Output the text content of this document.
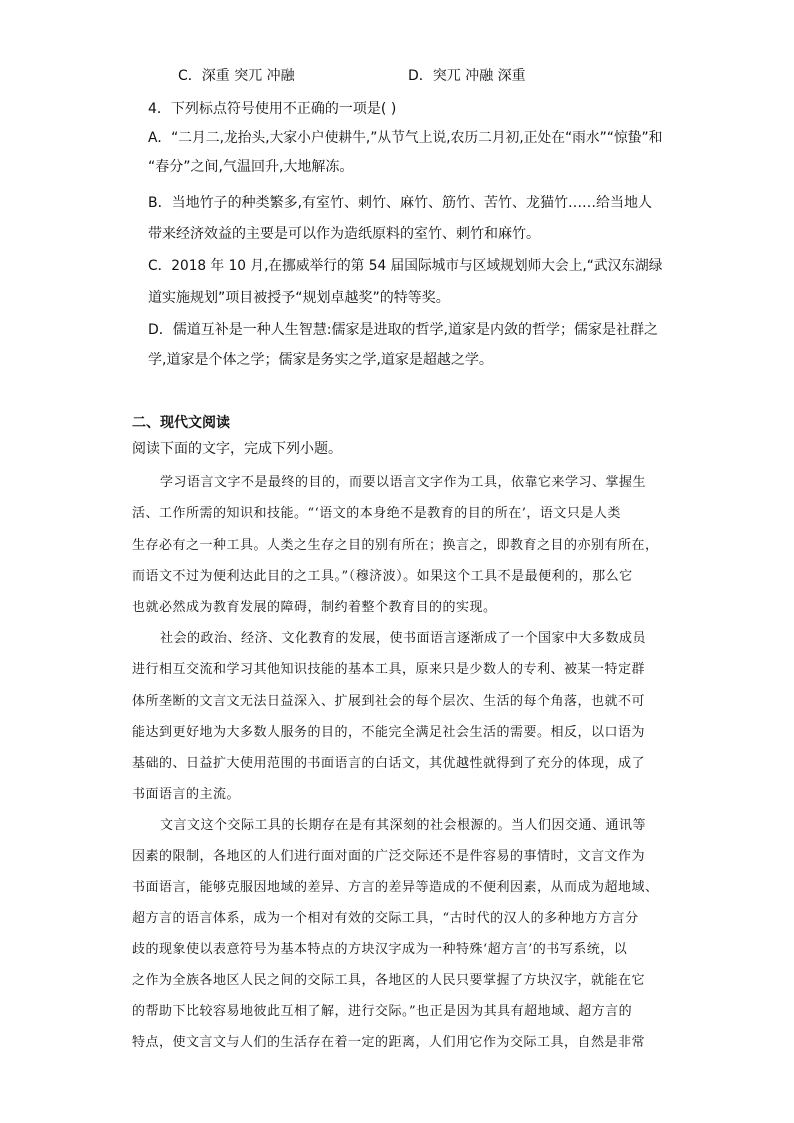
C．深重 突兀 冲融	D．突兀 冲融 深重
4．下列标点符号使用不正确的一项是( )
A．“二月二,龙抬头,大家小户使耕牛,”从节气上说,农历二月初,正处在“雨水”“惊蛰”和
“春分”之间,气温回升,大地解冻。
B．当地竹子的种类繁多,有室竹、刺竹、麻竹、筋竹、苦竹、龙猫竹……给当地人
带来经济效益的主要是可以作为造纸原料的室竹、刺竹和麻竹。
C．2018 年 10 月,在挪威举行的第 54 届国际城市与区域规划师大会上,“武汉东湖绿
道实施规划”项目被授予“规划卓越奖”的特等奖。
D．儒道互补是一种人生智慧:儒家是进取的哲学,道家是内敛的哲学；儒家是社群之
学,道家是个体之学；儒家是务实之学,道家是超越之学。
二、现代文阅读
阅读下面的文字，完成下列小题。
学习语言文字不是最终的目的，而要以语言文字作为工具，依靠它来学习、掌握生
活、工作所需的知识和技能。“‘语文的本身绝不是教育的目的所在’，语文只是人类
生存必有之一种工具。人类之生存之目的别有所在；换言之，即教育之目的亦别有所在，
而语文不过为便利达此目的之工具。”（穆济波）。如果这个工具不是最便利的，那么它
也就必然成为教育发展的障碍，制约着整个教育目的的实现。
社会的政治、经济、文化教育的发展，使书面语言逐渐成了一个国家中大多数成员
进行相互交流和学习其他知识技能的基本工具，原来只是少数人的专利、被某一特定群
体所垄断的文言文无法日益深入、扩展到社会的每个层次、生活的每个角落，也就不可
能达到更好地为大多数人服务的目的，不能完全满足社会生活的需要。相反，以口语为
基础的、日益扩大使用范围的书面语言的白话文，其优越性就得到了充分的体现，成了
书面语言的主流。
文言文这个交际工具的长期存在是有其深刻的社会根源的。当人们因交通、通讯等
因素的限制，各地区的人们进行面对面的广泛交际还不是件容易的事情时，文言文作为
书面语言，能够克服因地域的差异、方言的差异等造成的不便利因素，从而成为超地域、
超方言的语言体系，成为一个相对有效的交际工具，“古时代的汉人的多种地方方言分
歧的现象使以表意符号为基本特点的方块汉字成为一种特殊‘超方言’的书写系统，以
之作为全族各地区人民之间的交际工具，各地区的人民只要掌握了方块汉字，就能在它
的帮助下比较容易地彼此互相了解，进行交际。”也正是因为其具有超地域、超方言的
特点，使文言文与人们的生活存在着一定的距离，人们用它作为交际工具，自然是非常
